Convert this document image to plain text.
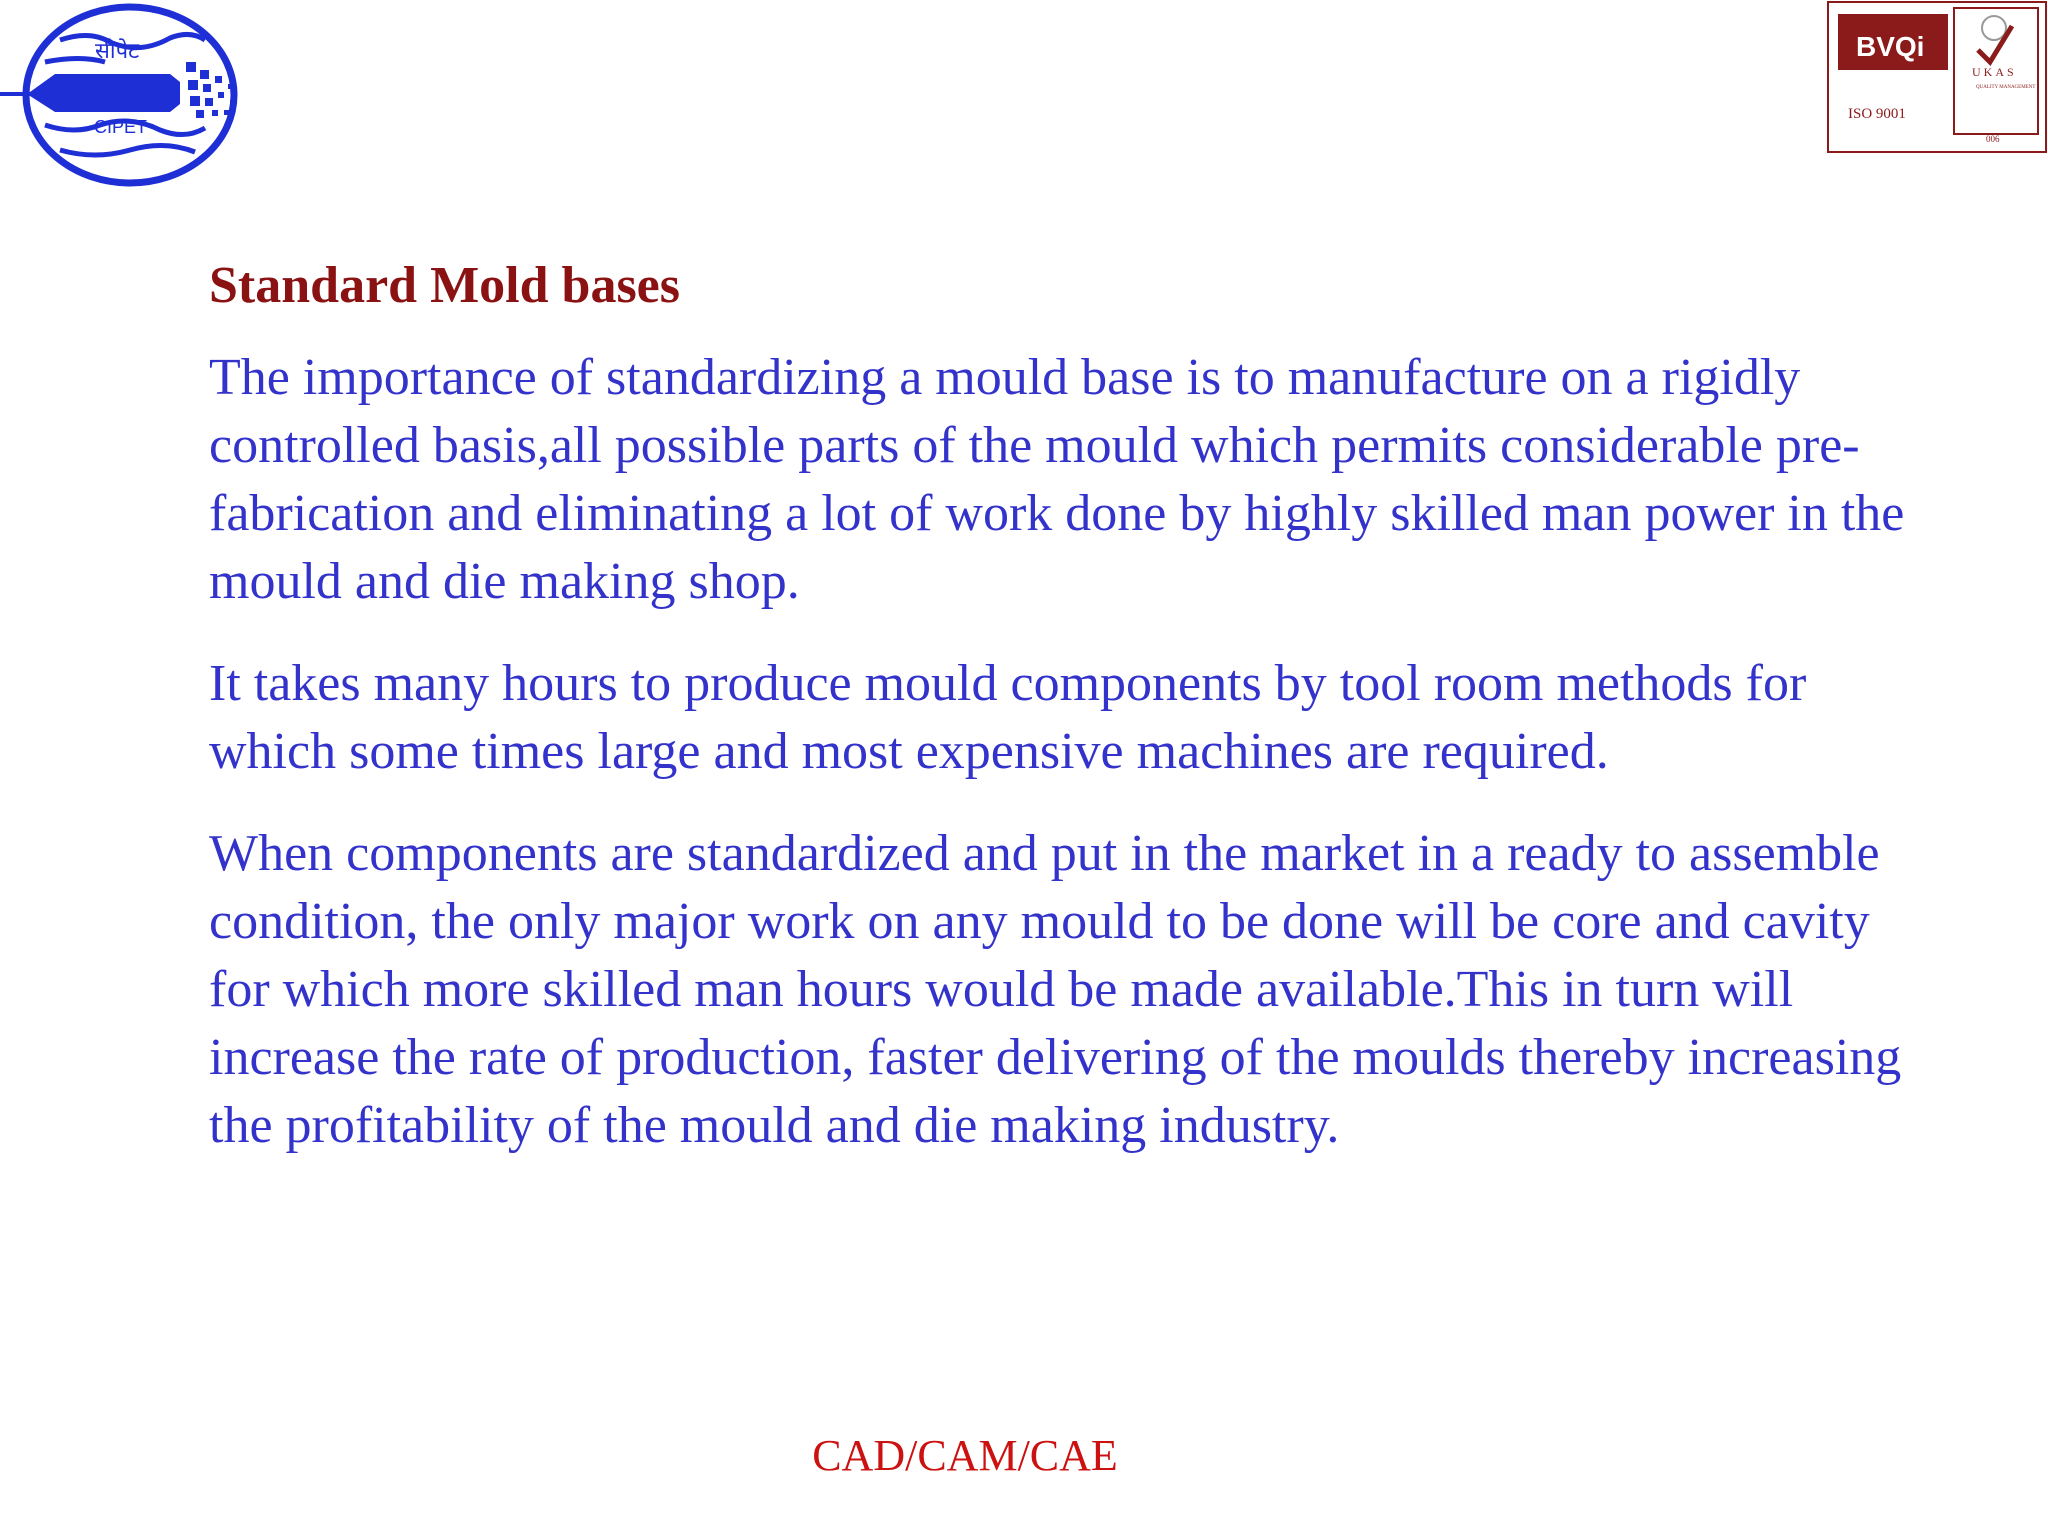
सीपेट
CIPET
BVQi
ISO 9001
UKAS
QUALITY MANAGEMENT
006
Standard Mold bases

The importance of standardizing a mould base is to manufacture on a rigidly controlled basis,all possible parts of the mould which permits considerable pre-fabrication and eliminating a lot of work done by highly skilled man power in the mould and die making shop.

It takes many hours to produce mould components by tool room methods for which some times large and most expensive machines are required.

When components are standardized and put in the market in a ready to assemble condition, the only major work on any mould to be done will be core and cavity for which more skilled man hours would be made available.This in turn will increase the rate of production, faster delivering of the moulds thereby increasing the profitability of the mould and die making industry.

CAD/CAM/CAE
